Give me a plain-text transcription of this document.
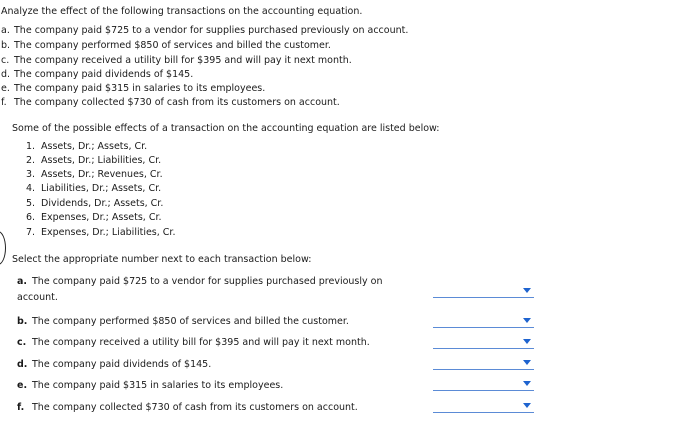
Analyze the effect of the following transactions on the accounting equation.
a. The company paid $725 to a vendor for supplies purchased previously on account.
b. The company performed $850 of services and billed the customer.
c. The company received a utility bill for $395 and will pay it next month.
d. The company paid dividends of $145.
e. The company paid $315 in salaries to its employees.
f. The company collected $730 of cash from its customers on account.
Some of the possible effects of a transaction on the accounting equation are listed below:
1. Assets, Dr.; Assets, Cr.
2. Assets, Dr.; Liabilities, Cr.
3. Assets, Dr.; Revenues, Cr.
4. Liabilities, Dr.; Assets, Cr.
5. Dividends, Dr.; Assets, Cr.
6. Expenses, Dr.; Assets, Cr.
7. Expenses, Dr.; Liabilities, Cr.
Select the appropriate number next to each transaction below:
a. The company paid $725 to a vendor for supplies purchased previously on
account.
b. The company performed $850 of services and billed the customer.
c. The company received a utility bill for $395 and will pay it next month.
d. The company paid dividends of $145.
e. The company paid $315 in salaries to its employees.
f. The company collected $730 of cash from its customers on account.
